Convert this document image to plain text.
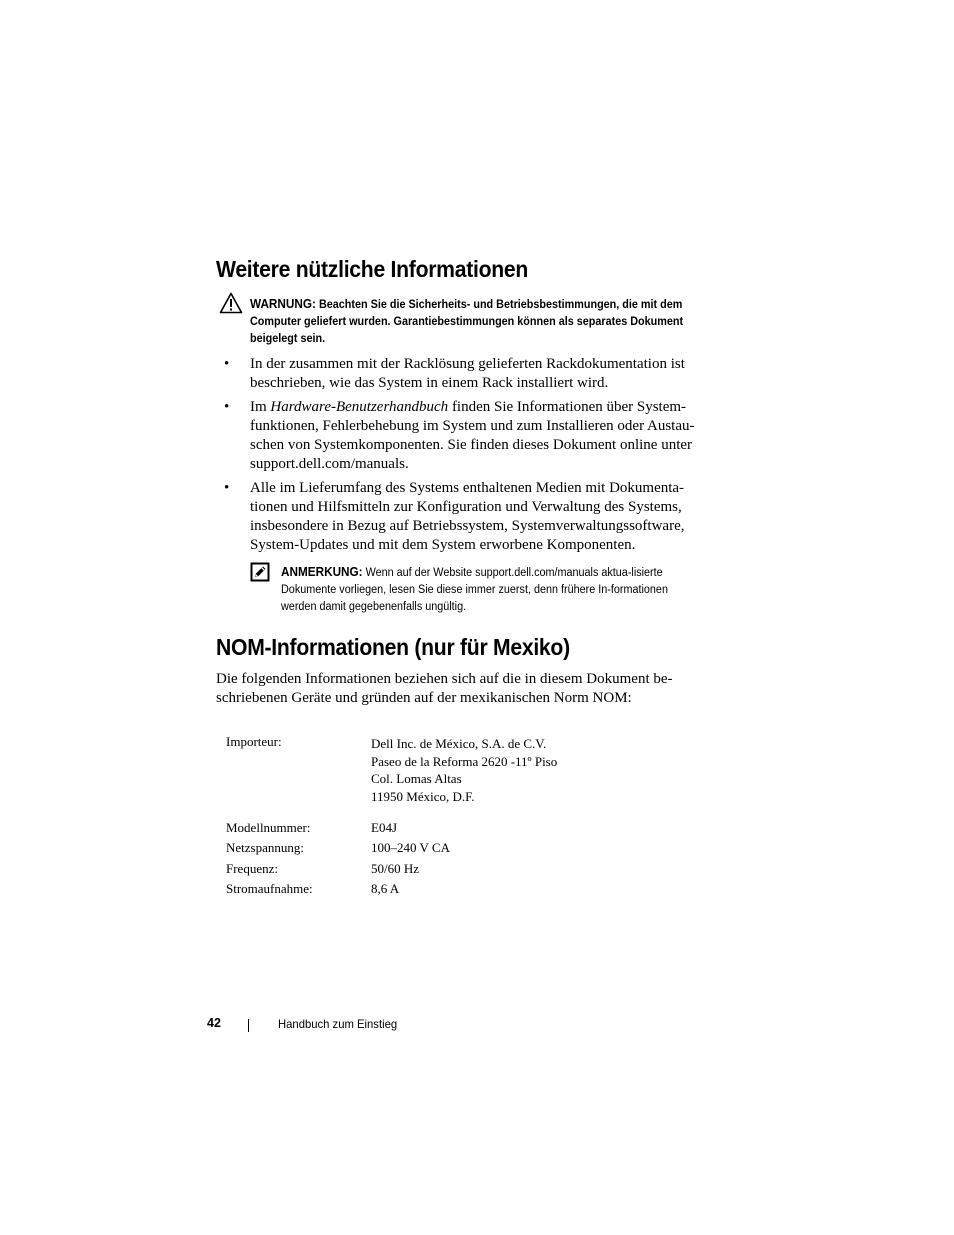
Weitere nützliche Informationen
WARNUNG: Beachten Sie die Sicherheits- und Betriebsbestimmungen, die mit dem Computer geliefert wurden. Garantiebestimmungen können als separates Dokument beigelegt sein.
• In der zusammen mit der Racklösung gelieferten Rackdokumentation ist beschrieben, wie das System in einem Rack installiert wird.
• Im Hardware-Benutzerhandbuch finden Sie Informationen über System-funktionen, Fehlerbehebung im System und zum Installieren oder Austau-schen von Systemkomponenten. Sie finden dieses Dokument online unter support.dell.com/manuals.
• Alle im Lieferumfang des Systems enthaltenen Medien mit Dokumenta-tionen und Hilfsmitteln zur Konfiguration und Verwaltung des Systems, insbesondere in Bezug auf Betriebssystem, Systemverwaltungssoftware, System-Updates und mit dem System erworbene Komponenten.
ANMERKUNG: Wenn auf der Website support.dell.com/manuals aktua-lisierte Dokumente vorliegen, lesen Sie diese immer zuerst, denn frühere In-formationen werden damit gegebenenfalls ungültig.
NOM-Informationen (nur für Mexiko)

Die folgenden Informationen beziehen sich auf die in diesem Dokument be-schriebenen Geräte und gründen auf der mexikanischen Norm NOM:

Importeur:	Dell Inc. de México, S.A. de C.V.
Paseo de la Reforma 2620 -11º Piso
Col. Lomas Altas
11950 México, D.F.
Modellnummer:	E04J
Netzspannung:	100–240 V CA
Frequenz:	50/60 Hz
Stromaufnahme:	8,6 A
42	Handbuch zum Einstieg
